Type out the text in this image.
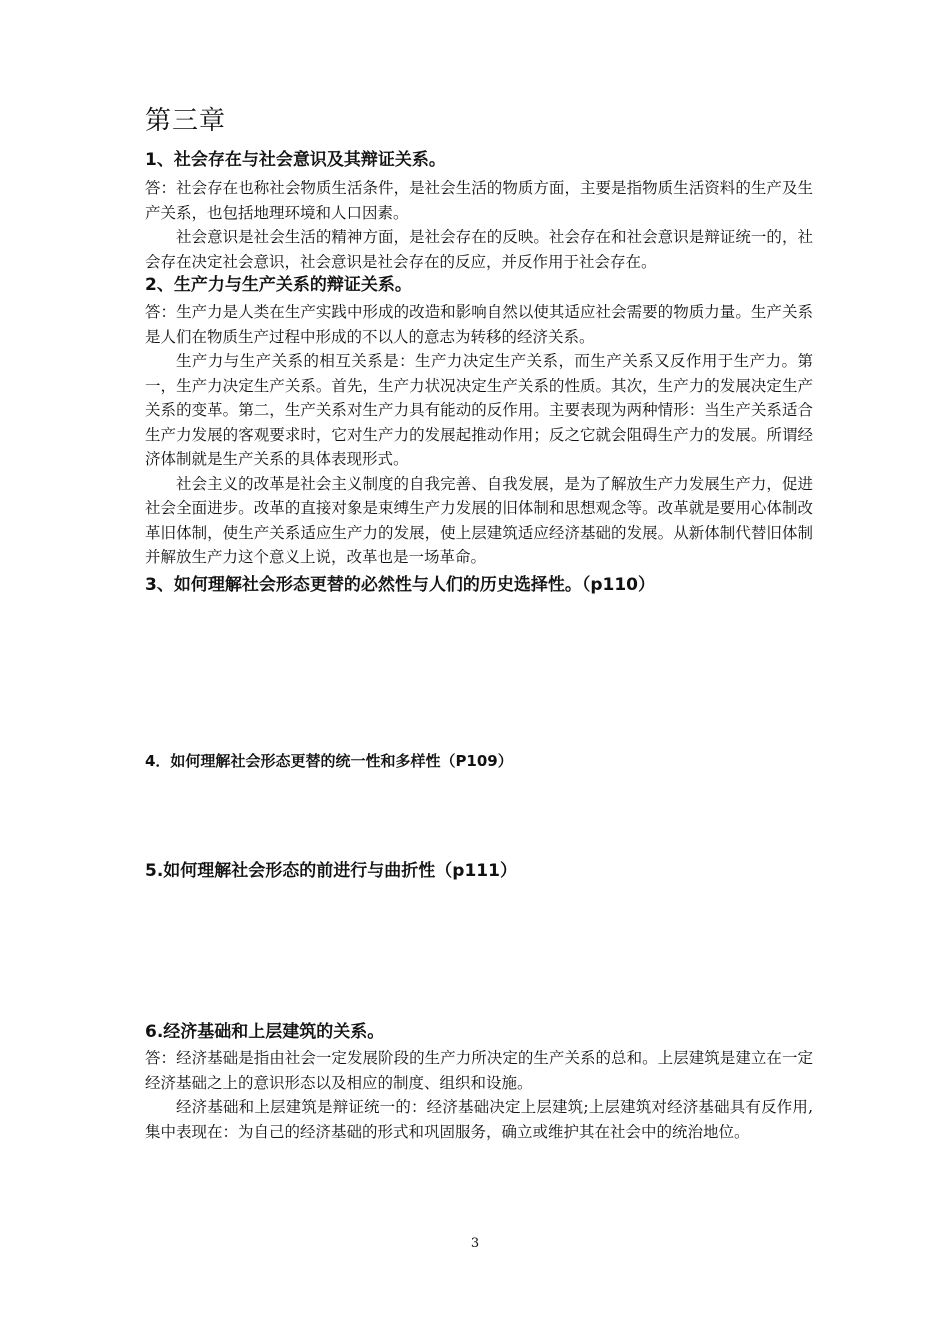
第三章
1、社会存在与社会意识及其辩证关系。

答：社会存在也称社会物质生活条件，是社会生活的物质方面，主要是指物质生活资料的生产及生产关系，也包括地理环境和人口因素。

社会意识是社会生活的精神方面，是社会存在的反映。社会存在和社会意识是辩证统一的，社会存在决定社会意识，社会意识是社会存在的反应，并反作用于社会存在。

2、生产力与生产关系的辩证关系。

答：生产力是人类在生产实践中形成的改造和影响自然以使其适应社会需要的物质力量。生产关系是人们在物质生产过程中形成的不以人的意志为转移的经济关系。

生产力与生产关系的相互关系是：生产力决定生产关系，而生产关系又反作用于生产力。第一，生产力决定生产关系。首先，生产力状况决定生产关系的性质。其次，生产力的发展决定生产关系的变革。第二，生产关系对生产力具有能动的反作用。主要表现为两种情形：当生产关系适合生产力发展的客观要求时，它对生产力的发展起推动作用；反之它就会阻碍生产力的发展。所谓经济体制就是生产关系的具体表现形式。

社会主义的改革是社会主义制度的自我完善、自我发展，是为了解放生产力发展生产力，促进社会全面进步。改革的直接对象是束缚生产力发展的旧体制和思想观念等。改革就是要用心体制改革旧体制，使生产关系适应生产力的发展，使上层建筑适应经济基础的发展。从新体制代替旧体制并解放生产力这个意义上说，改革也是一场革命。

3、如何理解社会形态更替的必然性与人们的历史选择性。（p110）
4．如何理解社会形态更替的统一性和多样性（P109）
5.如何理解社会形态的前进行与曲折性（p111）
6.经济基础和上层建筑的关系。

答：经济基础是指由社会一定发展阶段的生产力所决定的生产关系的总和。上层建筑是建立在一定经济基础之上的意识形态以及相应的制度、组织和设施。

经济基础和上层建筑是辩证统一的：经济基础决定上层建筑;上层建筑对经济基础具有反作用,集中表现在：为自己的经济基础的形式和巩固服务，确立或维护其在社会中的统治地位。

3
